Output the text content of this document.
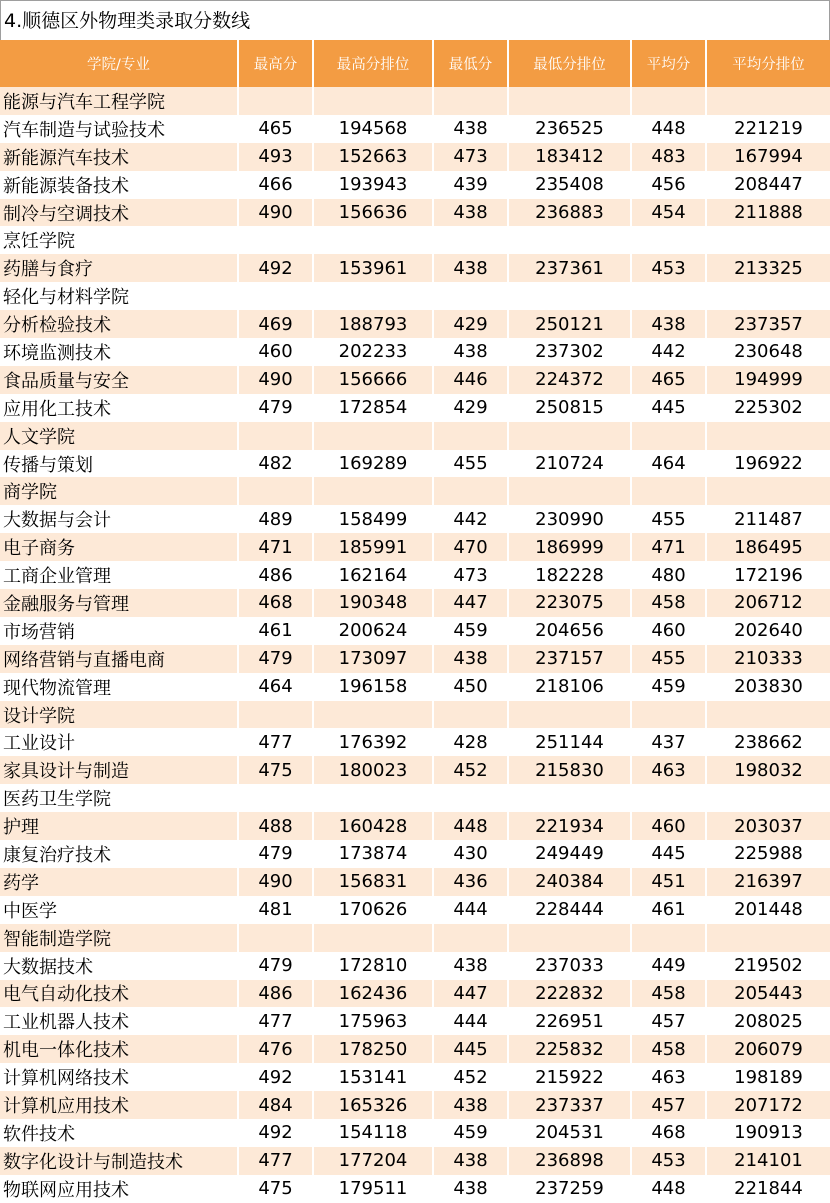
4.顺德区外物理类录取分数线
学院/专业	最高分	最高分排位	最低分	最低分排位	平均分	平均分排位
能源与汽车工程学院						
汽车制造与试验技术	465	194568	438	236525	448	221219
新能源汽车技术	493	152663	473	183412	483	167994
新能源装备技术	466	193943	439	235408	456	208447
制冷与空调技术	490	156636	438	236883	454	211888
烹饪学院						
药膳与食疗	492	153961	438	237361	453	213325
轻化与材料学院						
分析检验技术	469	188793	429	250121	438	237357
环境监测技术	460	202233	438	237302	442	230648
食品质量与安全	490	156666	446	224372	465	194999
应用化工技术	479	172854	429	250815	445	225302
人文学院						
传播与策划	482	169289	455	210724	464	196922
商学院						
大数据与会计	489	158499	442	230990	455	211487
电子商务	471	185991	470	186999	471	186495
工商企业管理	486	162164	473	182228	480	172196
金融服务与管理	468	190348	447	223075	458	206712
市场营销	461	200624	459	204656	460	202640
网络营销与直播电商	479	173097	438	237157	455	210333
现代物流管理	464	196158	450	218106	459	203830
设计学院						
工业设计	477	176392	428	251144	437	238662
家具设计与制造	475	180023	452	215830	463	198032
医药卫生学院						
护理	488	160428	448	221934	460	203037
康复治疗技术	479	173874	430	249449	445	225988
药学	490	156831	436	240384	451	216397
中医学	481	170626	444	228444	461	201448
智能制造学院						
大数据技术	479	172810	438	237033	449	219502
电气自动化技术	486	162436	447	222832	458	205443
工业机器人技术	477	175963	444	226951	457	208025
机电一体化技术	476	178250	445	225832	458	206079
计算机网络技术	492	153141	452	215922	463	198189
计算机应用技术	484	165326	438	237337	457	207172
软件技术	492	154118	459	204531	468	190913
数字化设计与制造技术	477	177204	438	236898	453	214101
物联网应用技术	475	179511	438	237259	448	221844
